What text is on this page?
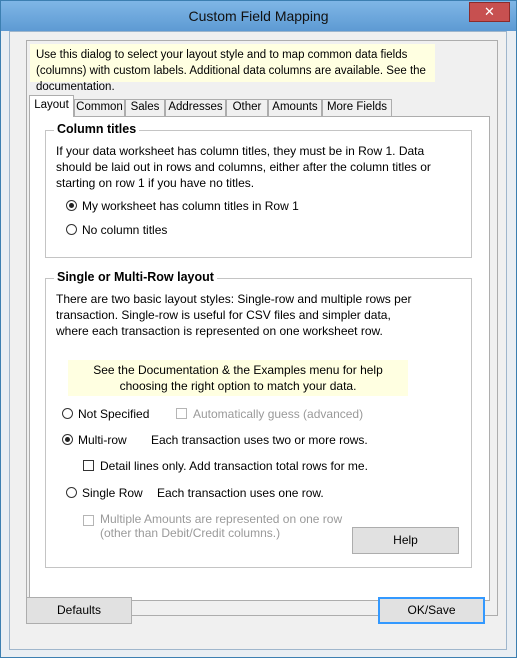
Custom Field Mapping	✕
Use this dialog to select your layout style and to map common data fields (columns) with custom labels. Additional data columns are available. See the documentation.
Layout Common Sales Addresses Other Amounts More Fields
Column titles
If your data worksheet has column titles, they must be in Row 1. Data should be laid out in rows and columns, either after the column titles or starting on row 1 if you have no titles.
My worksheet has column titles in Row 1
No column titles
Single or Multi-Row layout
There are two basic layout styles: Single-row and multiple rows per transaction. Single-row is useful for CSV files and simpler data, where each transaction is represented on one worksheet row.
See the Documentation & the Examples menu for help choosing the right option to match your data.
Not Specified	Automatically guess (advanced)
Multi-row Each transaction uses two or more rows.
Detail lines only. Add transaction total rows for me.
Single Row Each transaction uses one row.
Multiple Amounts are represented on one row (other than Debit/Credit columns.)	Help
Defaults	OK/Save
